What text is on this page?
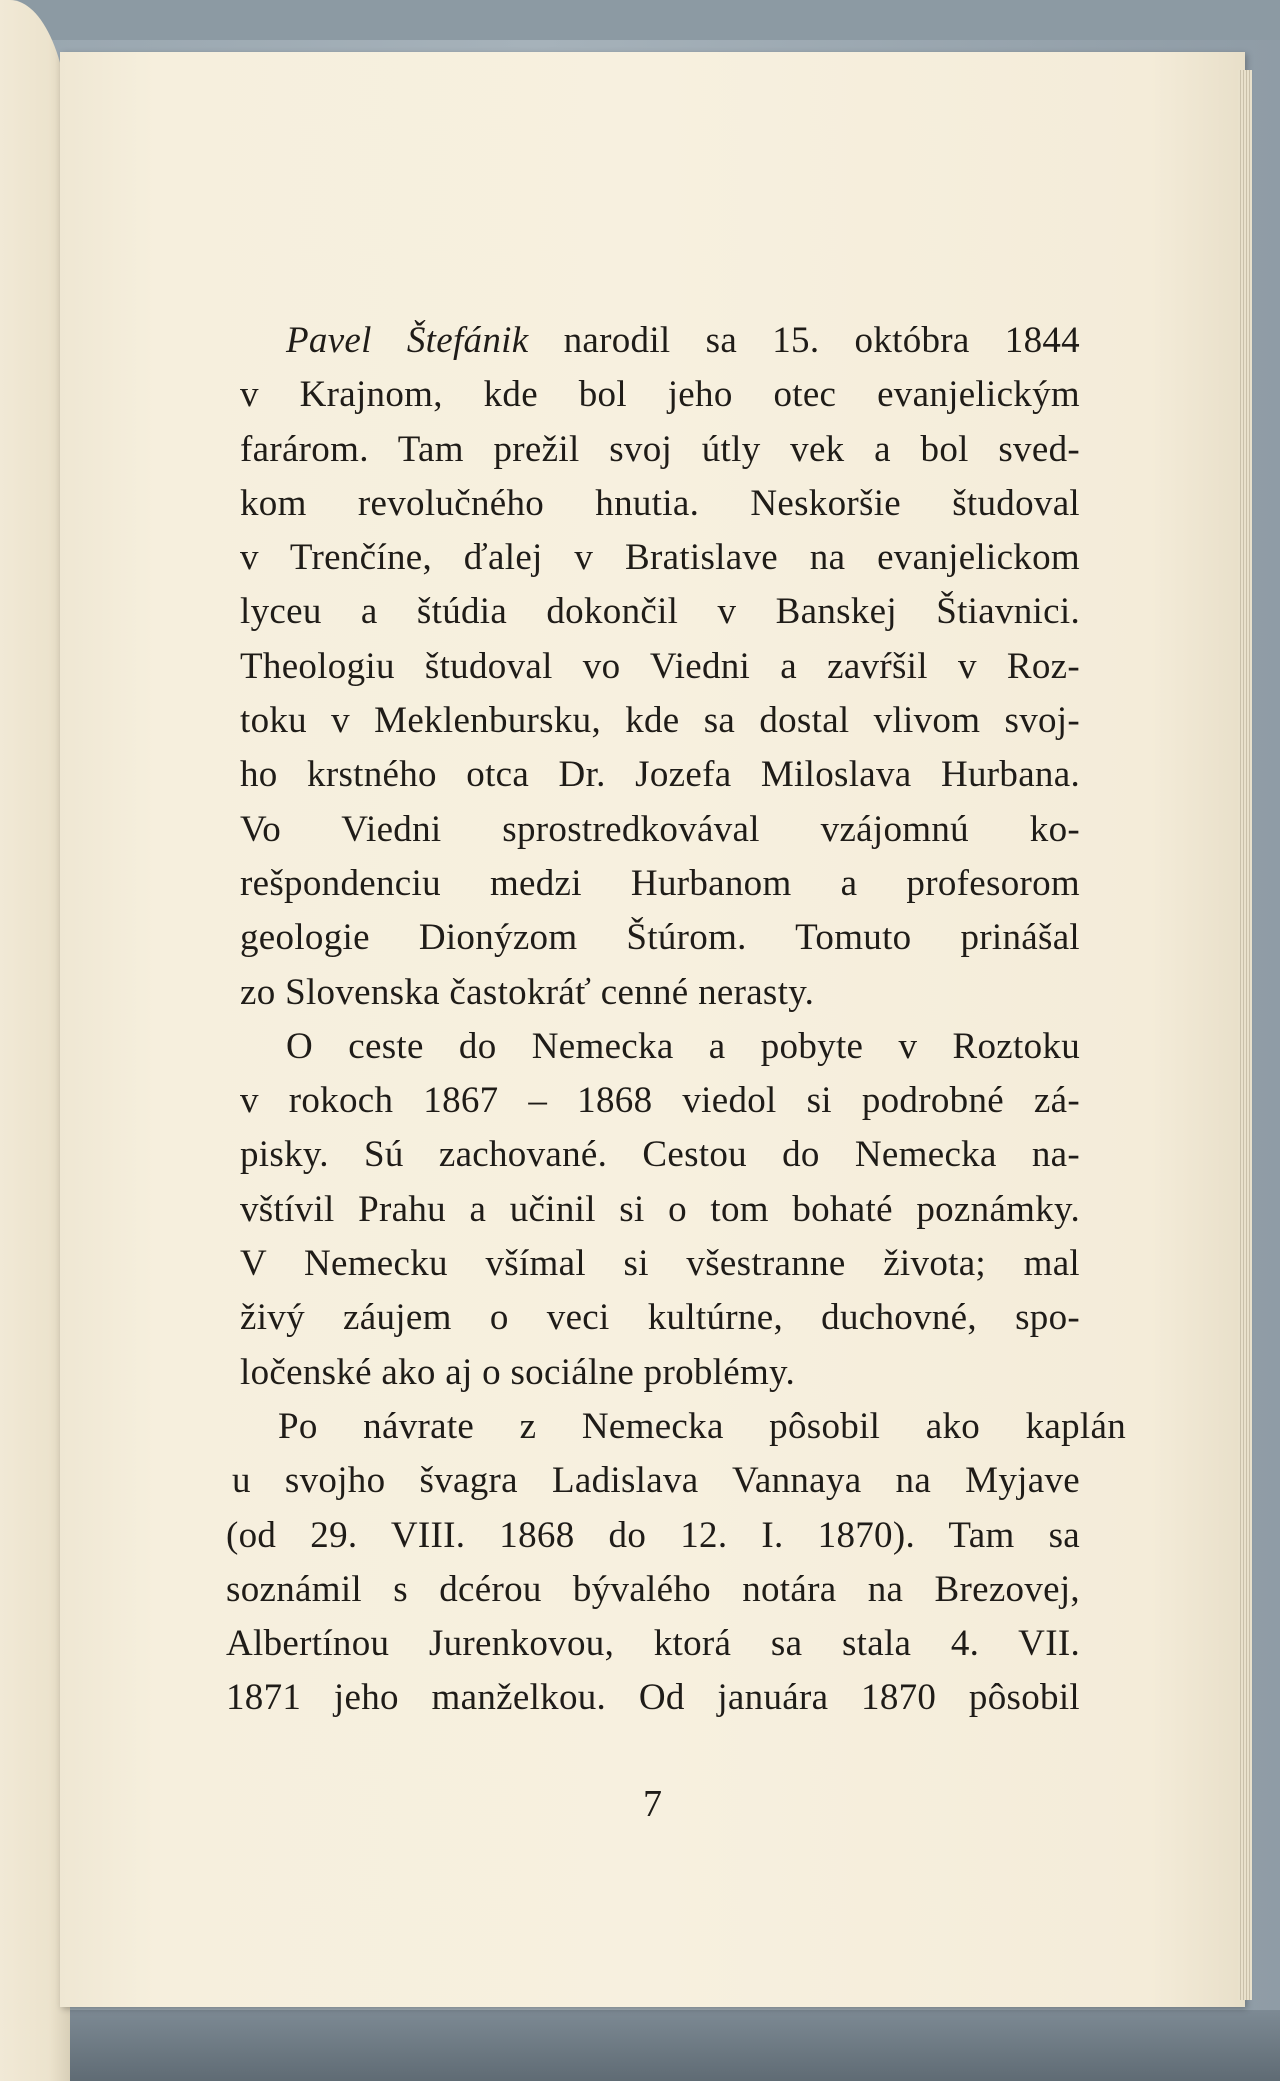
Pavel Štefánik narodil sa 15. októbra 1844
v Krajnom, kde bol jeho otec evanjelickým
farárom. Tam prežil svoj útly vek a bol sved-
kom revolučného hnutia. Neskoršie študoval
v Trenčíne, ďalej v Bratislave na evanjelickom
lyceu a štúdia dokončil v Banskej Štiavnici.
Theologiu študoval vo Viedni a zavŕšil v Roz-
toku v Meklenbursku, kde sa dostal vlivom svoj-
ho krstného otca Dr. Jozefa Miloslava Hurbana.
Vo Viedni sprostredkovával vzájomnú ko-
rešpondenciu medzi Hurbanom a profesorom
geologie Dionýzom Štúrom. Tomuto prinášal
zo Slovenska častokráť cenné nerasty.
O ceste do Nemecka a pobyte v Roztoku
v rokoch 1867 – 1868 viedol si podrobné zá-
pisky. Sú zachované. Cestou do Nemecka na-
vštívil Prahu a učinil si o tom bohaté poznámky.
V Nemecku všímal si všestranne života; mal
živý záujem o veci kultúrne, duchovné, spo-
ločenské ako aj o sociálne problémy.
Po návrate z Nemecka pôsobil ako kaplán
u svojho švagra Ladislava Vannaya na Myjave
(od 29. VIII. 1868 do 12. I. 1870). Tam sa
soznámil s dcérou bývalého notára na Brezovej,
Albertínou Jurenkovou, ktorá sa stala 4. VII.
1871 jeho manželkou. Od januára 1870 pôsobil
7
